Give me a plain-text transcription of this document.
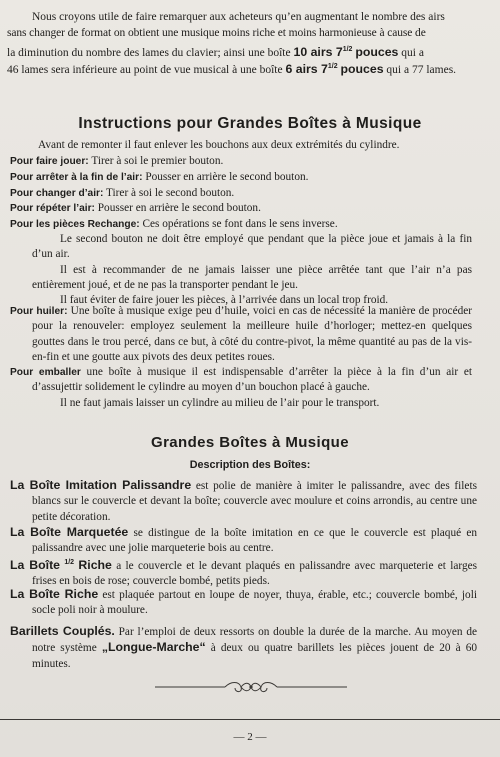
Nous croyons utile de faire remarquer aux acheteurs qu’en augmentant le nombre des airs
sans changer de format on obtient une musique moins riche et moins harmonieuse à cause de
la diminution du nombre des lames du clavier; ainsi une boîte 10 airs $7^{1/2}$ pouces qui a
46 lames sera inférieure au point de vue musical à une boîte 6 airs $7^{1/2}$ pouces qui a 77 lames.
Instructions pour Grandes Boîtes à Musique
Avant de remonter il faut enlever les bouchons aux deux extrémités du cylindre.
Pour faire jouer: Tirer à soi le premier bouton.
Pour arrêter à la fin de l’air: Pousser en arrière le second bouton.
Pour changer d’air: Tirer à soi le second bouton.
Pour répéter l’air: Pousser en arrière le second bouton.
Pour les pièces Rechange: Ces opérations se font dans le sens inverse.
Le second bouton ne doit être employé que pendant que la pièce joue et jamais à la fin d’un air.
Il est à recommander de ne jamais laisser une pièce arrêtée tant que l’air n’a pas entièrement joué, et de ne pas la transporter pendant le jeu.
Il faut éviter de faire jouer les pièces, à l’arrivée dans un local trop froid.
Pour huiler: Une boîte à musique exige peu d’huile, voici en cas de nécessité la manière de procéder pour la renouveler: employez seulement la meilleure huile d’horloger; mettez-en quelques gouttes dans le trou percé, dans ce but, à côté du contre-pivot, la même quantité au pas de la vis-en-fin et une goutte aux pivots des deux petites roues.
Pour emballer une boîte à musique il est indispensable d’arrêter la pièce à la fin d’un air et d’assujettir solidement le cylindre au moyen d’un bouchon placé à gauche.
Il ne faut jamais laisser un cylindre au milieu de l’air pour le transport.
Grandes Boîtes à Musique
Description des Boîtes:
La Boîte Imitation Palissandre est polie de manière à imiter le palissandre, avec des filets blancs sur le couvercle et devant la boîte; couvercle avec moulure et coins arrondis, au centre une petite décoration.
La Boîte Marquetée se distingue de la boîte imitation en ce que le couvercle est plaqué en palissandre avec une jolie marqueterie bois au centre.
La Boîte $^{1/2}$ Riche a le couvercle et le devant plaqués en palissandre avec marqueterie et larges frises en bois de rose; couvercle bombé, petits pieds.
La Boîte Riche est plaquée partout en loupe de noyer, thuya, érable, etc.; couvercle bombé, joli socle poli noir à moulure.
Barillets Couplés. Par l’emploi de deux ressorts on double la durée de la marche. Au moyen de notre système „Longue-Marche“ à deux ou quatre barillets les pièces jouent de 20 à 60 minutes.
— 2 —
